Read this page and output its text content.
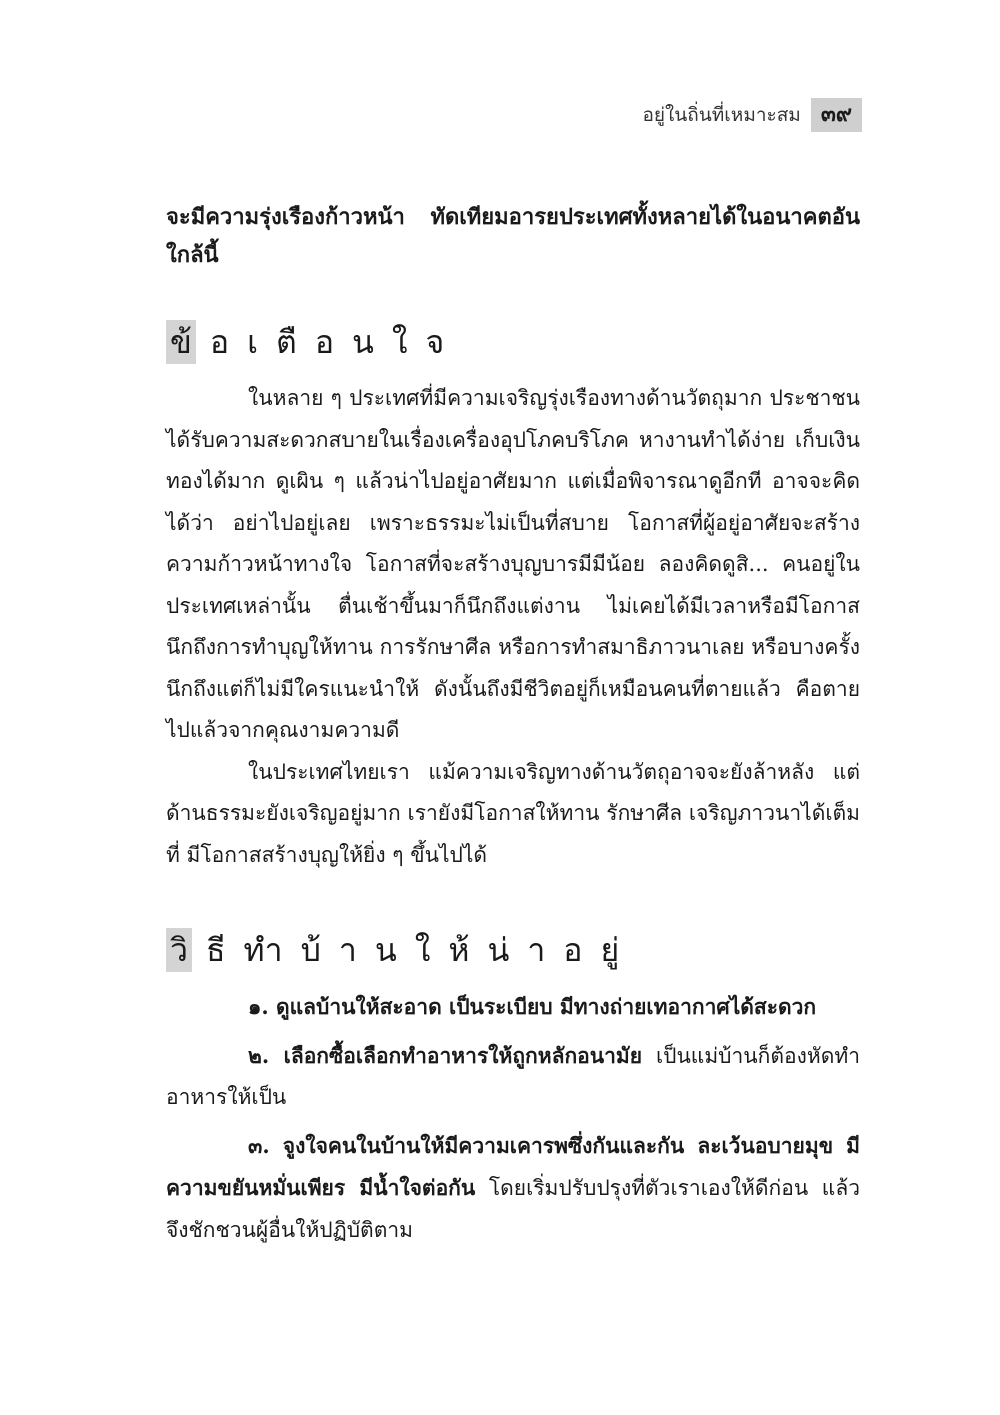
อยู่ในถิ่นที่เหมาะสม ๓๙

จะมีความรุ่งเรืองก้าวหน้า ทัดเทียมอารยประเทศทั้งหลายได้ในอนาคตอันใกล้นี้

ข้ อเตือนใจ

ในหลาย ๆ ประเทศที่มีความเจริญรุ่งเรืองทางด้านวัตถุมาก ประชาชนได้รับความสะดวกสบายในเรื่องเครื่องอุปโภคบริโภค หางานทำได้ง่าย เก็บเงินทองได้มาก ดูเผิน ๆ แล้วน่าไปอยู่อาศัยมาก แต่เมื่อพิจารณาดูอีกที อาจจะคิดได้ว่า อย่าไปอยู่เลย เพราะธรรมะไม่เป็นที่สบาย โอกาสที่ผู้อยู่อาศัยจะสร้างความก้าวหน้าทางใจ โอกาสที่จะสร้างบุญบารมีมีน้อย ลองคิดดูสิ... คนอยู่ในประเทศเหล่านั้น ตื่นเช้าขึ้นมาก็นึกถึงแต่งาน ไม่เคยได้มีเวลาหรือมีโอกาสนึกถึงการทำบุญให้ทาน การรักษาศีล หรือการทำสมาธิภาวนาเลย หรือบางครั้งนึกถึงแต่ก็ไม่มีใครแนะนำให้ ดังนั้นถึงมีชีวิตอยู่ก็เหมือนคนที่ตายแล้ว คือตายไปแล้วจากคุณงามความดี

ในประเทศไทยเรา แม้ความเจริญทางด้านวัตถุอาจจะยังล้าหลัง แต่ด้านธรรมะยังเจริญอยู่มาก เรายังมีโอกาสให้ทาน รักษาศีล เจริญภาวนาได้เต็มที่ มีโอกาสสร้างบุญให้ยิ่ง ๆ ขึ้นไปได้

วิ ธีทำบ้านให้น่าอยู่

๑. ดูแลบ้านให้สะอาด เป็นระเบียบ มีทางถ่ายเทอากาศได้สะดวก

๒. เลือกซื้อเลือกทำอาหารให้ถูกหลักอนามัย เป็นแม่บ้านก็ต้องหัดทำอาหารให้เป็น

๓. จูงใจคนในบ้านให้มีความเคารพซึ่งกันและกัน ละเว้นอบายมุข มีความขยันหมั่นเพียร มีน้ำใจต่อกัน โดยเริ่มปรับปรุงที่ตัวเราเองให้ดีก่อน แล้วจึงชักชวนผู้อื่นให้ปฏิบัติตาม
